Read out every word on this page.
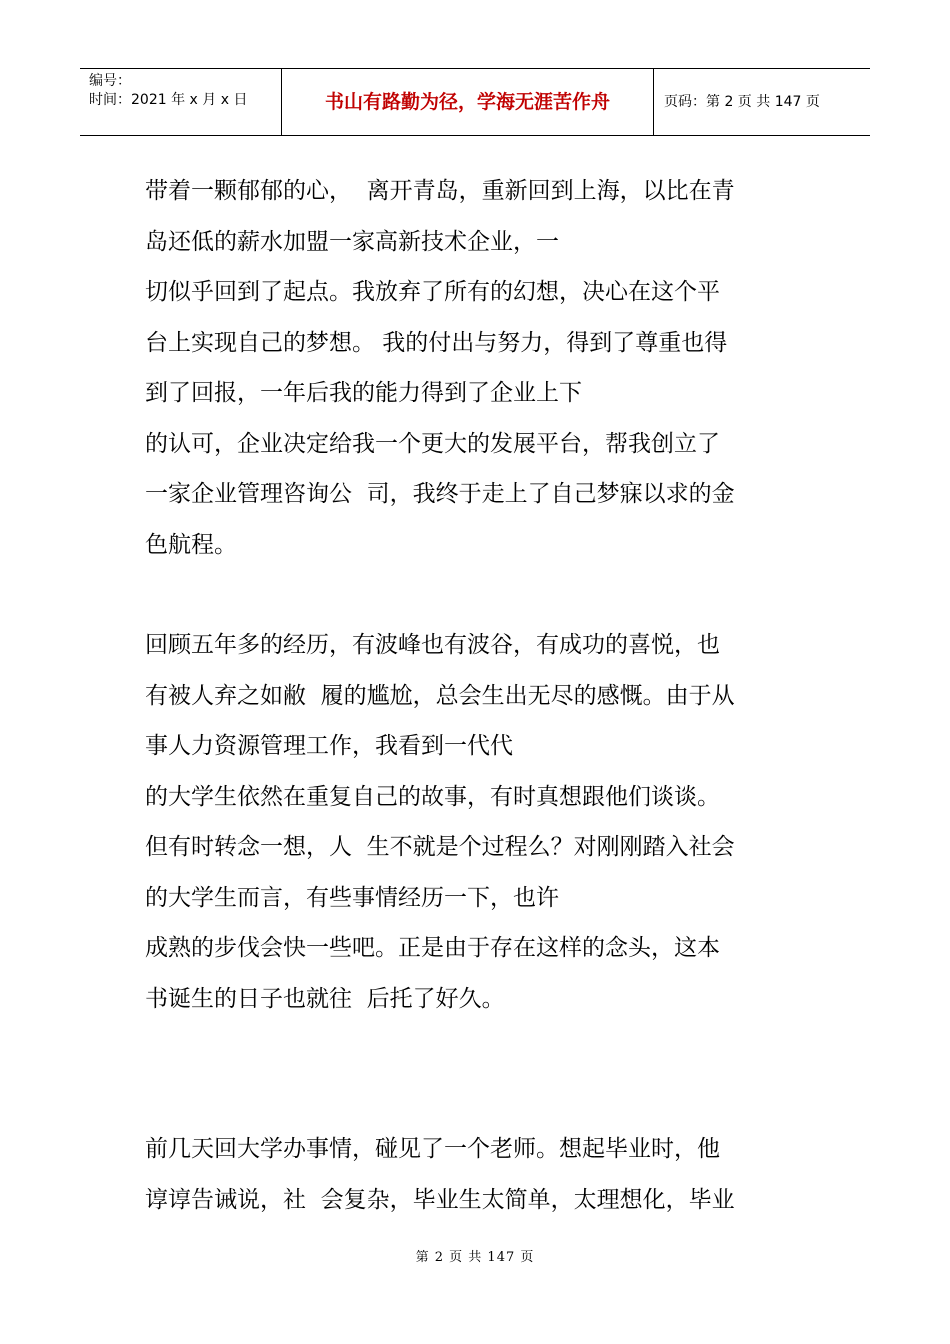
编号：
时间：2021 年 x 月 x 日	书山有路勤为径，学海无涯苦作舟	页码：第 2 页 共 147 页

带着一颗郁郁的心，  离开青岛，重新回到上海，以比在青

岛还低的薪水加盟一家高新技术企业，一

切似乎回到了起点。我放弃了所有的幻想，决心在这个平

台上实现自己的梦想。 我的付出与努力，得到了尊重也得

到了回报，一年后我的能力得到了企业上下

的认可，企业决定给我一个更大的发展平台，帮我创立了

一家企业管理咨询公  司，我终于走上了自己梦寐以求的金

色航程。

回顾五年多的经历，有波峰也有波谷，有成功的喜悦，也

有被人弃之如敝  履的尴尬，总会生出无尽的感慨。由于从

事人力资源管理工作，我看到一代代

的大学生依然在重复自己的故事，有时真想跟他们谈谈。

但有时转念一想，人  生不就是个过程么？对刚刚踏入社会

的大学生而言，有些事情经历一下，也许

成熟的步伐会快一些吧。正是由于存在这样的念头，这本

书诞生的日子也就往  后托了好久。

前几天回大学办事情，碰见了一个老师。想起毕业时，他

谆谆告诫说，社  会复杂，毕业生太简单，太理想化，毕业

第 2 页 共 147 页
